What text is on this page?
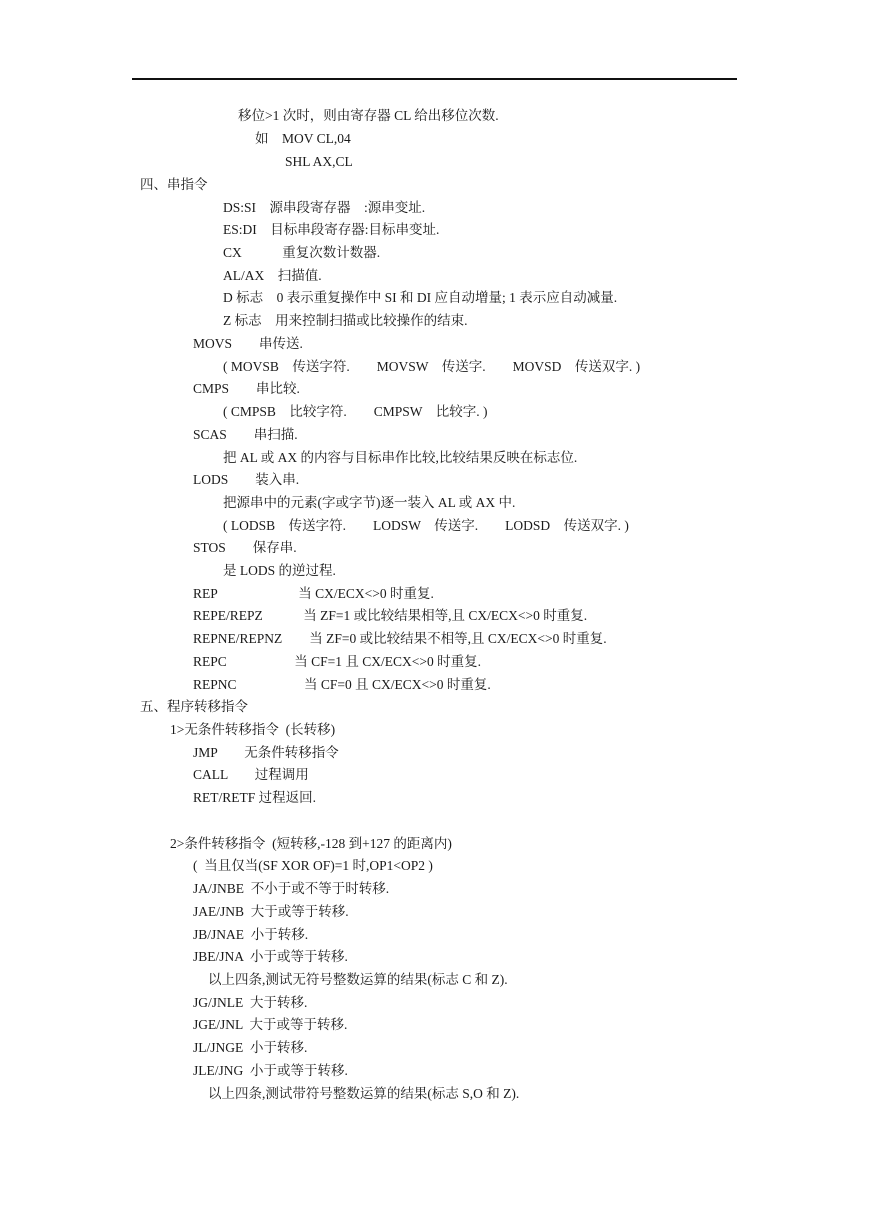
移位>1 次时，则由寄存器 CL 给出移位次数.
如    MOV CL,04
SHL AX,CL
四、串指令
DS:SI    源串段寄存器    :源串变址.
ES:DI    目标串段寄存器:目标串变址.
CX            重复次数计数器.
AL/AX    扫描值.
D 标志    0 表示重复操作中 SI 和 DI 应自动增量; 1 表示应自动减量.
Z 标志    用来控制扫描或比较操作的结束.
MOVS        串传送.
( MOVSB    传送字符.        MOVSW    传送字.        MOVSD    传送双字. )
CMPS        串比较.
( CMPSB    比较字符.        CMPSW    比较字. )
SCAS        串扫描.
把 AL 或 AX 的内容与目标串作比较,比较结果反映在标志位.
LODS        装入串.
把源串中的元素(字或字节)逐一装入 AL 或 AX 中.
( LODSB    传送字符.        LODSW    传送字.        LODSD    传送双字. )
STOS        保存串.
是 LODS 的逆过程.
REP                        当 CX/ECX<>0 时重复.
REPE/REPZ            当 ZF=1 或比较结果相等,且 CX/ECX<>0 时重复.
REPNE/REPNZ        当 ZF=0 或比较结果不相等,且 CX/ECX<>0 时重复.
REPC                    当 CF=1 且 CX/ECX<>0 时重复.
REPNC                    当 CF=0 且 CX/ECX<>0 时重复.
五、程序转移指令
1>无条件转移指令  (长转移)
JMP        无条件转移指令
CALL        过程调用
RET/RETF 过程返回.
2>条件转移指令  (短转移,-128 到+127 的距离内)
(  当且仅当(SF XOR OF)=1 时,OP1<OP2 )
JA/JNBE  不小于或不等于时转移.
JAE/JNB  大于或等于转移.
JB/JNAE  小于转移.
JBE/JNA  小于或等于转移.
以上四条,测试无符号整数运算的结果(标志 C 和 Z).
JG/JNLE  大于转移.
JGE/JNL  大于或等于转移.
JL/JNGE  小于转移.
JLE/JNG  小于或等于转移.
以上四条,测试带符号整数运算的结果(标志 S,O 和 Z).
